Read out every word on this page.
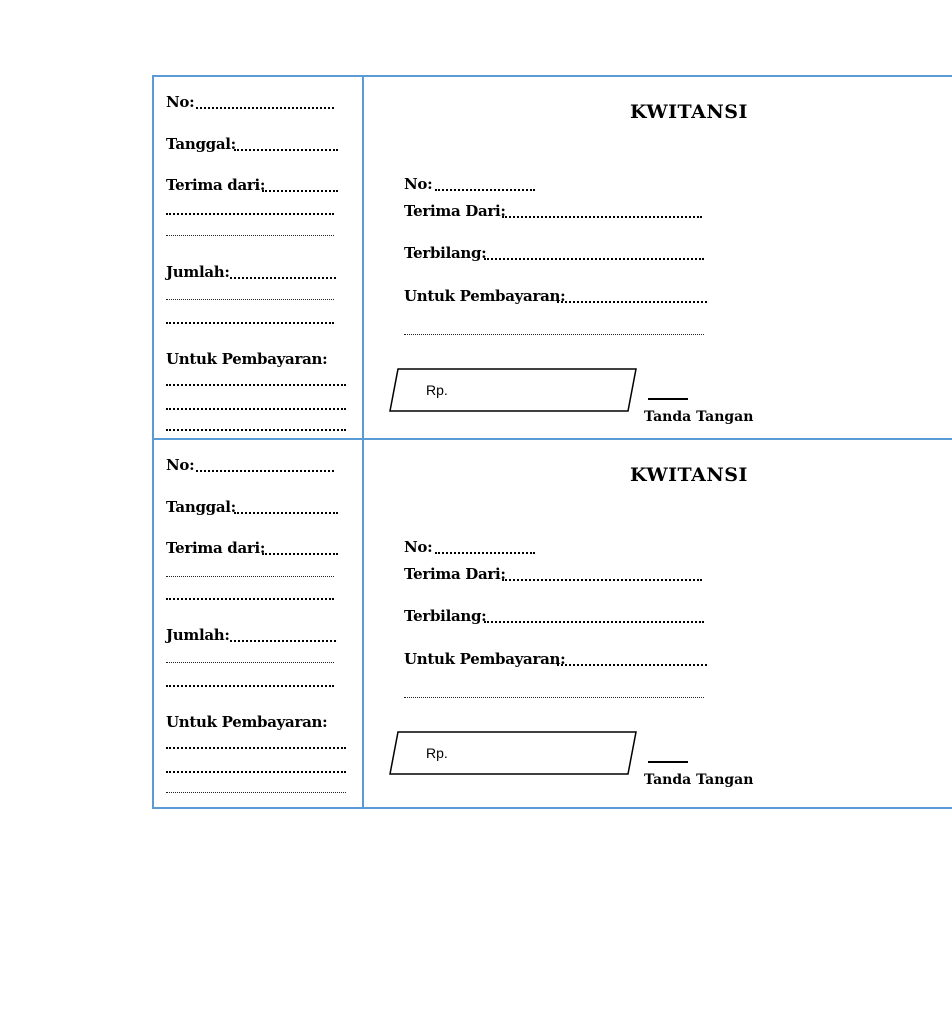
No:
Tanggal:
Terima dari:
Jumlah:
Untuk Pembayaran:
KWITANSI
No:
Terima Dari:
Terbilang:
Untuk Pembayaran:
Rp.
Tanda Tangan
No:
Tanggal:
Terima dari:
Jumlah:
Untuk Pembayaran:
KWITANSI
No:
Terima Dari:
Terbilang:
Untuk Pembayaran:
Rp.
Tanda Tangan
